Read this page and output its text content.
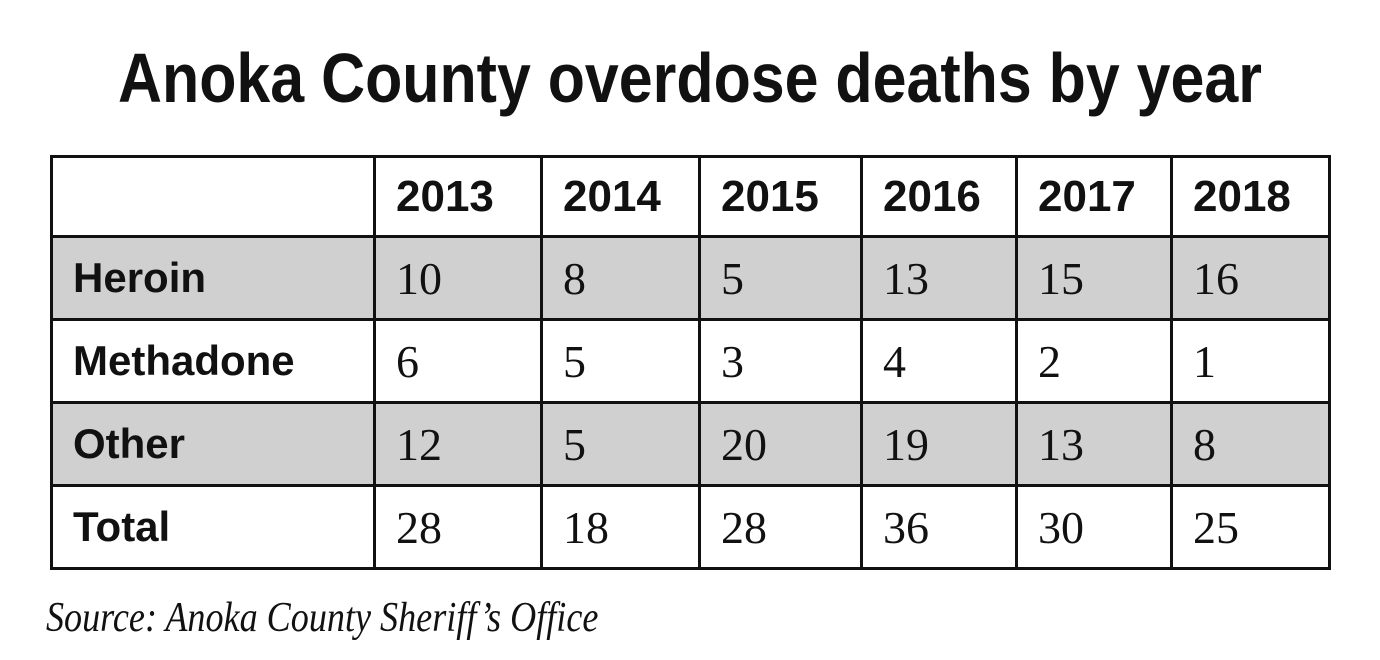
Anoka County overdose deaths by year
	2013	2014	2015	2016	2017	2018
Heroin	10	8	5	13	15	16
Methadone	6	5	3	4	2	1
Other	12	5	20	19	13	8
Total	28	18	28	36	30	25

Source: Anoka County Sheriff’s Office
